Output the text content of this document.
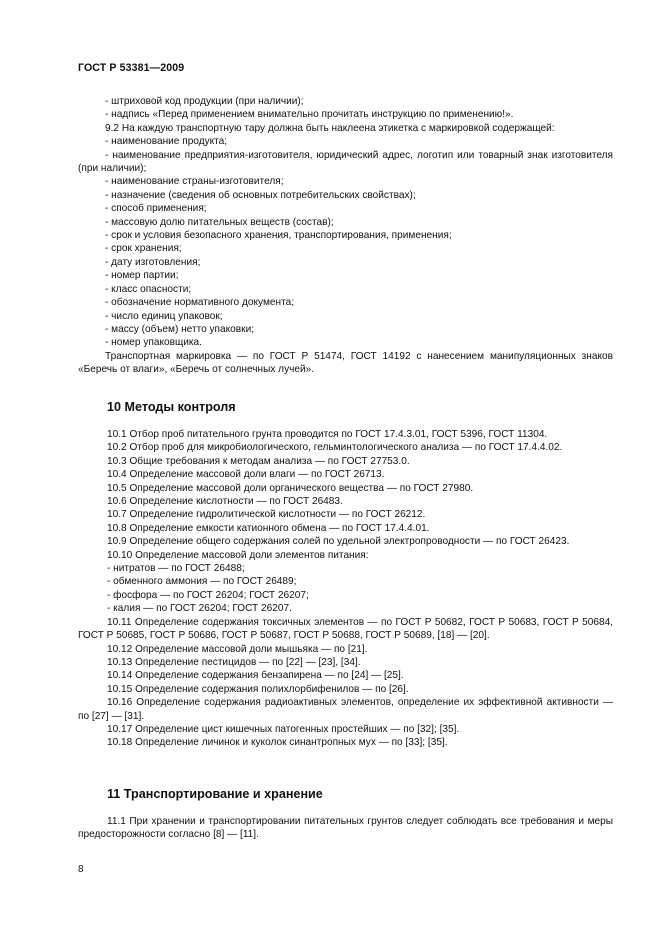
ГОСТ Р 53381—2009

- штриховой код продукции (при наличии);

- надпись «Перед применением внимательно прочитать инструкцию по применению!».

9.2 На каждую транспортную тару должна быть наклеена этикетка с маркировкой содержащей:

- наименование продукта;

- наименование предприятия-изготовителя, юридический адрес, логотип или товарный знак изготовителя (при наличии);

- наименование страны-изготовителя;

- назначение (сведения об основных потребительских свойствах);

- способ применения;

- массовую долю питательных веществ (состав);

- срок и условия безопасного хранения, транспортирования, применения;

- срок хранения;

- дату изготовления;

- номер партии;

- класс опасности;

- обозначение нормативного документа;

- число единиц упаковок;

- массу (объем) нетто упаковки;

- номер упаковщика.

Транспортная маркировка — по ГОСТ Р 51474, ГОСТ 14192 с нанесением манипуляционных знаков «Беречь от влаги», «Беречь от солнечных лучей».

10 Методы контроля

10.1 Отбор проб питательного грунта проводится по ГОСТ 17.4.3.01, ГОСТ 5396, ГОСТ 11304.

10.2 Отбор проб для микробиологического, гельминтологического анализа — по ГОСТ 17.4.4.02.

10.3 Общие требования к методам анализа — по ГОСТ 27753.0.

10.4 Определение массовой доли влаги — по ГОСТ 26713.

10.5 Определение массовой доли органического вещества — по ГОСТ 27980.

10.6 Определение кислотности — по ГОСТ 26483.

10.7 Определение гидролитической кислотности — по ГОСТ 26212.

10.8 Определение емкости катионного обмена — по ГОСТ 17.4.4.01.

10.9 Определение общего содержания солей по удельной электропроводности — по ГОСТ 26423.

10.10 Определение массовой доли элементов питания:

- нитратов — по ГОСТ 26488;

- обменного аммония — по ГОСТ 26489;

- фосфора — по ГОСТ 26204; ГОСТ 26207;

- калия — по ГОСТ 26204; ГОСТ 26207.

10.11 Определение содержания токсичных элементов — по ГОСТ Р 50682, ГОСТ Р 50683, ГОСТ Р 50684, ГОСТ Р 50685, ГОСТ Р 50686, ГОСТ Р 50687, ГОСТ Р 50688, ГОСТ Р 50689, [18] — [20].

10.12 Определение массовой доли мышьяка — по [21].

10.13 Определение пестицидов — по [22] — [23], [34].

10.14 Определение содержания бензапирена — по [24] — [25].

10.15 Определение содержания полихлорбифенилов — по [26].

10.16 Определение содержания радиоактивных элементов, определение их эффективной активности — по [27] — [31].

10.17 Определение цист кишечных патогенных простейших — по [32]; [35].

10.18 Определение личинок и куколок синантропных мух — по [33]; [35].

11 Транспортирование и хранение

11.1 При хранении и транспортировании питательных грунтов следует соблюдать все требования и меры предосторожности согласно [8] — [11].

8
